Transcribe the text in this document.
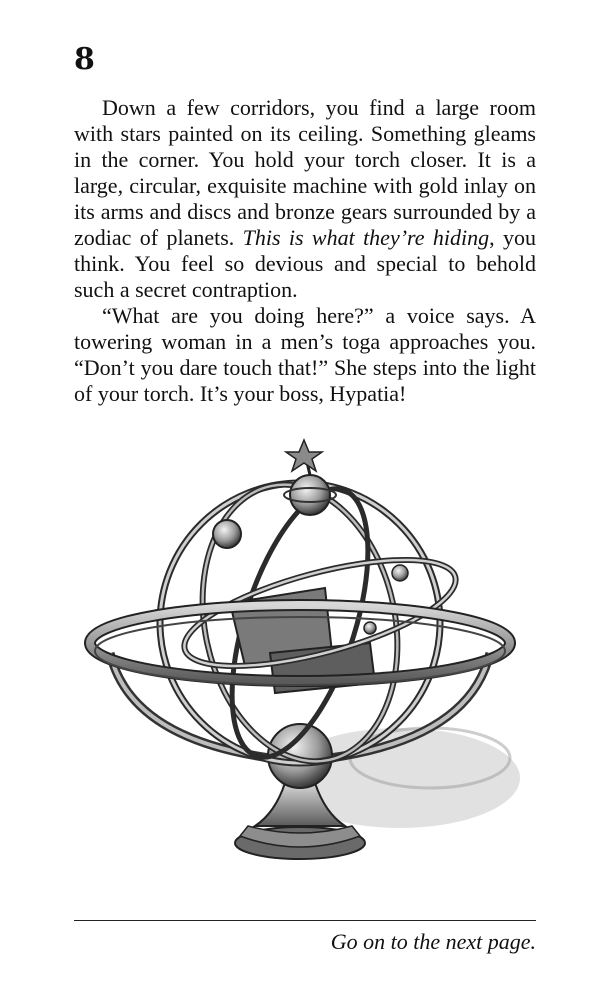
8

Down a few corridors, you find a large room with stars painted on its ceiling. Something gleams in the corner. You hold your torch closer. It is a large, circular, exquisite machine with gold inlay on its arms and discs and bronze gears surrounded by a zodiac of planets. This is what they’re hiding, you think. You feel so devious and special to behold such a secret contraption.

“What are you doing here?” a voice says. A towering woman in a men’s toga approaches you. “Don’t you dare touch that!” She steps into the light of your torch. It’s your boss, Hypatia!

Go on to the next page.
